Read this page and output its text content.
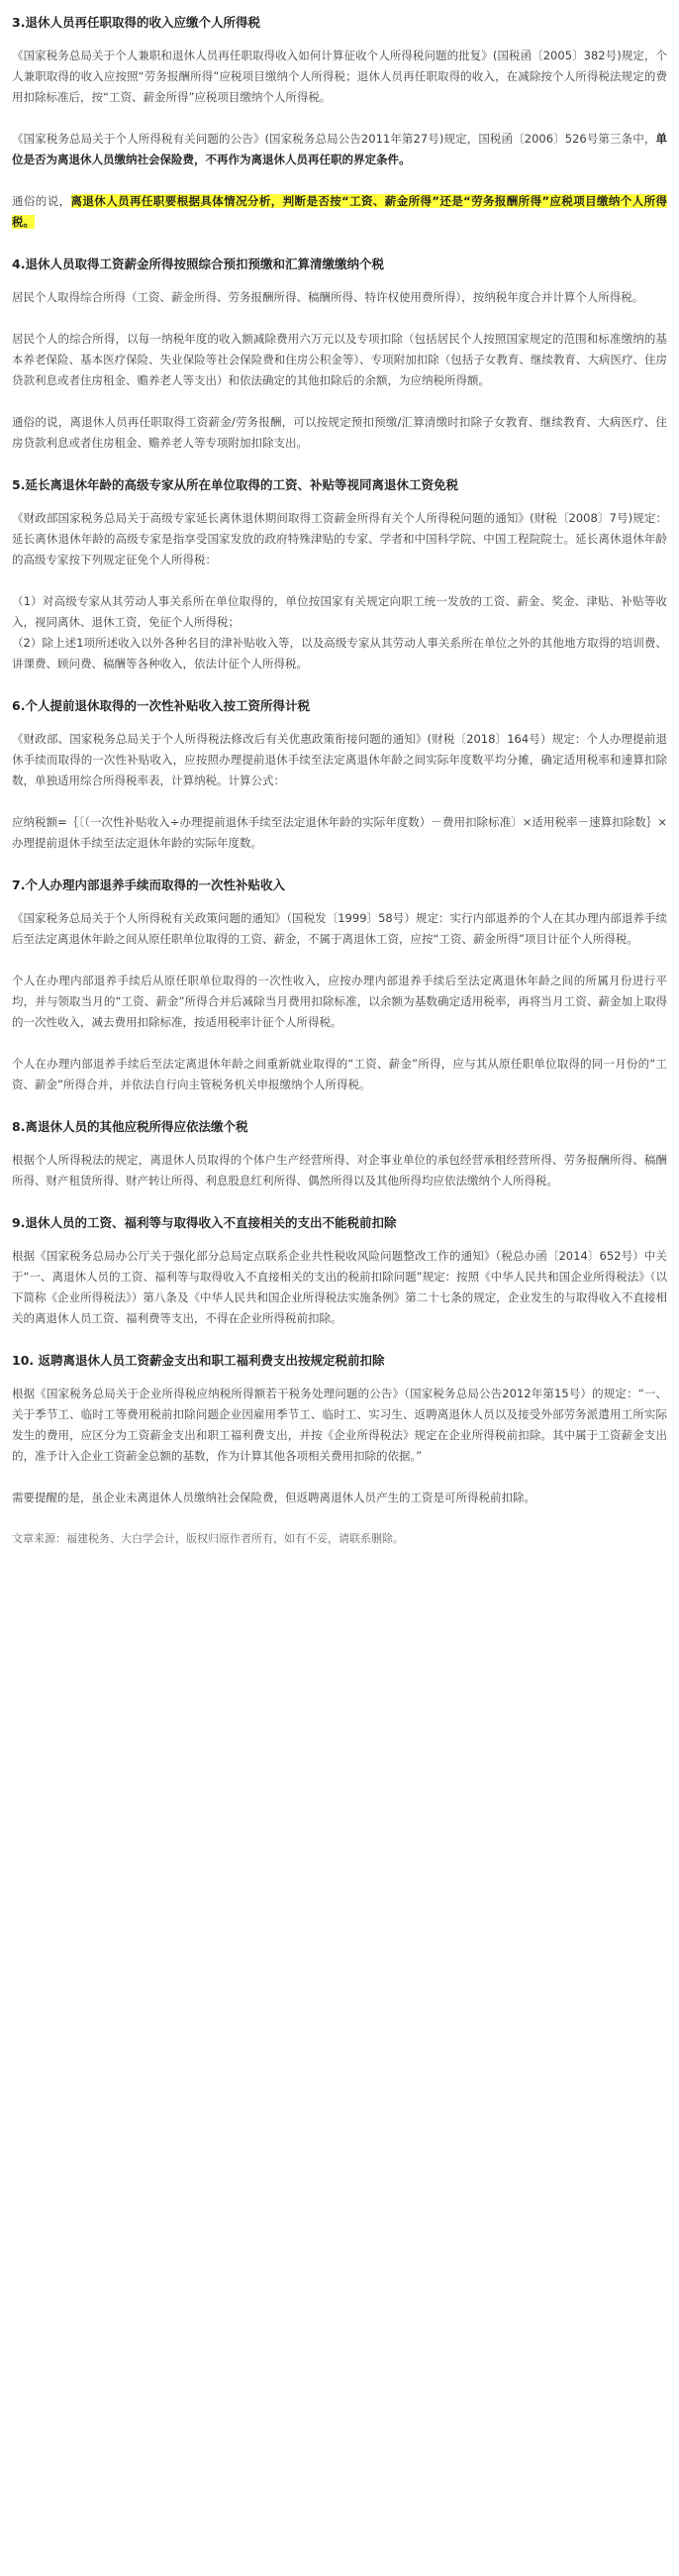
3.退休人员再任职取得的收入应缴个人所得税

《国家税务总局关于个人兼职和退休人员再任职取得收入如何计算征收个人所得税问题的批复》(国税函〔2005〕382号)规定，个人兼职取得的收入应按照“劳务报酬所得”应税项目缴纳个人所得税；退休人员再任职取得的收入，在减除按个人所得税法规定的费用扣除标准后，按“工资、薪金所得”应税项目缴纳个人所得税。

《国家税务总局关于个人所得税有关问题的公告》(国家税务总局公告2011年第27号)规定，国税函〔2006〕526号第三条中，单位是否为离退休人员缴纳社会保险费，不再作为离退休人员再任职的界定条件。

通俗的说，离退休人员再任职要根据具体情况分析，判断是否按“工资、薪金所得”还是“劳务报酬所得”应税项目缴纳个人所得税。

4.退休人员取得工资薪金所得按照综合预扣预缴和汇算清缴缴纳个税

居民个人取得综合所得（工资、薪金所得、劳务报酬所得、稿酬所得、特许权使用费所得），按纳税年度合并计算个人所得税。

居民个人的综合所得，以每一纳税年度的收入额减除费用六万元以及专项扣除（包括居民个人按照国家规定的范围和标准缴纳的基本养老保险、基本医疗保险、失业保险等社会保险费和住房公积金等）、专项附加扣除（包括子女教育、继续教育、大病医疗、住房贷款利息或者住房租金、赡养老人等支出）和依法确定的其他扣除后的余额，为应纳税所得额。

通俗的说，离退休人员再任职取得工资薪金/劳务报酬，可以按规定预扣预缴/汇算清缴时扣除子女教育、继续教育、大病医疗、住房贷款利息或者住房租金、赡养老人等专项附加扣除支出。

5.延长离退休年龄的高级专家从所在单位取得的工资、补贴等视同离退休工资免税

《财政部国家税务总局关于高级专家延长离休退休期间取得工资薪金所得有关个人所得税问题的通知》(财税〔2008〕7号)规定：延长离休退休年龄的高级专家是指享受国家发放的政府特殊津贴的专家、学者和中国科学院、中国工程院院士。延长离休退休年龄的高级专家按下列规定征免个人所得税：

（1）对高级专家从其劳动人事关系所在单位取得的，单位按国家有关规定向职工统一发放的工资、薪金、奖金、津贴、补贴等收入，视同离休、退休工资，免征个人所得税；

（2）除上述1项所述收入以外各种名目的津补贴收入等，以及高级专家从其劳动人事关系所在单位之外的其他地方取得的培训费、讲课费、顾问费、稿酬等各种收入，依法计征个人所得税。

6.个人提前退休取得的一次性补贴收入按工资所得计税

《财政部、国家税务总局关于个人所得税法修改后有关优惠政策衔接问题的通知》(财税〔2018〕164号）规定：个人办理提前退休手续而取得的一次性补贴收入，应按照办理提前退休手续至法定离退休年龄之间实际年度数平均分摊，确定适用税率和速算扣除数，单独适用综合所得税率表，计算纳税。计算公式：

应纳税额=｛〔（一次性补贴收入÷办理提前退休手续至法定退休年龄的实际年度数）－费用扣除标准〕×适用税率－速算扣除数｝×办理提前退休手续至法定退休年龄的实际年度数。

7.个人办理内部退养手续而取得的一次性补贴收入

《国家税务总局关于个人所得税有关政策问题的通知》（国税发〔1999〕58号）规定：实行内部退养的个人在其办理内部退养手续后至法定离退休年龄之间从原任职单位取得的工资、薪金，不属于离退休工资，应按“工资、薪金所得”项目计征个人所得税。

个人在办理内部退养手续后从原任职单位取得的一次性收入，应按办理内部退养手续后至法定离退休年龄之间的所属月份进行平均，并与领取当月的“工资、薪金”所得合并后减除当月费用扣除标准，以余额为基数确定适用税率，再将当月工资、薪金加上取得的一次性收入，减去费用扣除标准，按适用税率计征个人所得税。

个人在办理内部退养手续后至法定离退休年龄之间重新就业取得的“工资、薪金”所得，应与其从原任职单位取得的同一月份的“工资、薪金”所得合并，并依法自行向主管税务机关申报缴纳个人所得税。

8.离退休人员的其他应税所得应依法缴个税

根据个人所得税法的规定，离退休人员取得的个体户生产经营所得、对企事业单位的承包经营承租经营所得、劳务报酬所得、稿酬所得、财产租赁所得、财产转让所得、利息股息红利所得、偶然所得以及其他所得均应依法缴纳个人所得税。

9.退休人员的工资、福利等与取得收入不直接相关的支出不能税前扣除

根据《国家税务总局办公厅关于强化部分总局定点联系企业共性税收风险问题整改工作的通知》（税总办函〔2014〕652号）中关于“一、离退休人员的工资、福利等与取得收入不直接相关的支出的税前扣除问题”规定：按照《中华人民共和国企业所得税法》（以下简称《企业所得税法》）第八条及《中华人民共和国企业所得税法实施条例》第二十七条的规定，企业发生的与取得收入不直接相关的离退休人员工资、福利费等支出，不得在企业所得税前扣除。

10. 返聘离退休人员工资薪金支出和职工福利费支出按规定税前扣除

根据《国家税务总局关于企业所得税应纳税所得额若干税务处理问题的公告》（国家税务总局公告2012年第15号）的规定：“一、关于季节工、临时工等费用税前扣除问题企业因雇用季节工、临时工、实习生、返聘离退休人员以及接受外部劳务派遣用工所实际发生的费用，应区分为工资薪金支出和职工福利费支出，并按《企业所得税法》规定在企业所得税前扣除。其中属于工资薪金支出的，准予计入企业工资薪金总额的基数，作为计算其他各项相关费用扣除的依据。”

需要提醒的是，虽企业未离退休人员缴纳社会保险费，但返聘离退休人员产生的工资是可所得税前扣除。

文章来源：福建税务、大白学会计，版权归原作者所有，如有不妥，请联系删除。
